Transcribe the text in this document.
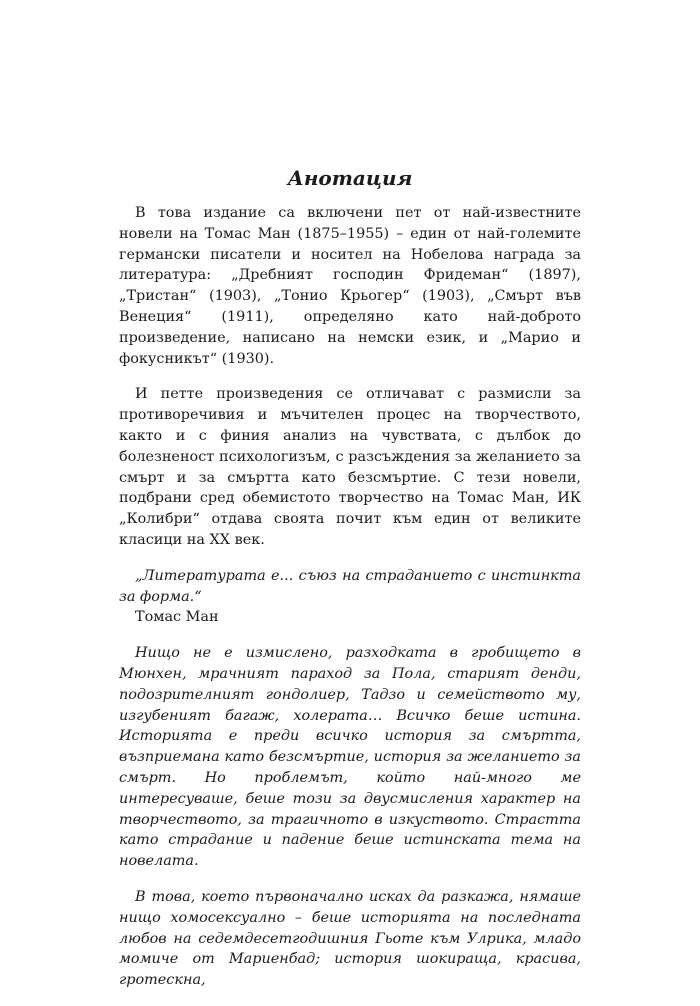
Анотация

В това издание са включени пет от най-известните новели на Томас Ман (1875–1955) – един от най-големите германски писатели и носител на Нобелова награда за литература: „Дребният господин Фридеман“ (1897), „Тристан“ (1903), „Тонио Крьогер“ (1903), „Смърт във Венеция“ (1911), определяно като най-доброто произведение, написано на немски език, и „Марио и фокусникът“ (1930).

И петте произведения се отличават с размисли за противоречивия и мъчителен процес на творчеството, както и с финия анализ на чувствата, с дълбок до болезненост психологизъм, с разсъждения за желанието за смърт и за смъртта като безсмъртие. С тези новели, подбрани сред обемистото творчество на Томас Ман, ИК „Колибри“ отдава своята почит към един от великите класици на XX век.

„Литературата е... съюз на страданието с инстинкта за форма.“

Томас Ман

Нищо не е измислено, разходката в гробището в Мюнхен, мрачният параход за Пола, старият денди, подозрителният гондолиер, Тадзо и семейството му, изгубеният багаж, холерата… Всичко беше истина. Историята е преди всичко история за смъртта, възприемана като безсмъртие, история за желанието за смърт. Но проблемът, който най-много ме интересуваше, беше този за двусмисления характер на творчеството, за трагичното в изкуството. Страстта като страдание и падение беше истинската тема на новелата.

В това, което първоначално исках да разкажа, нямаше нищо хомосексуално – беше историята на последната любов на седемдесетгодишния Гьоте към Улрика, младо момиче от Мариенбад; история шокираща, красива, гротескна,
